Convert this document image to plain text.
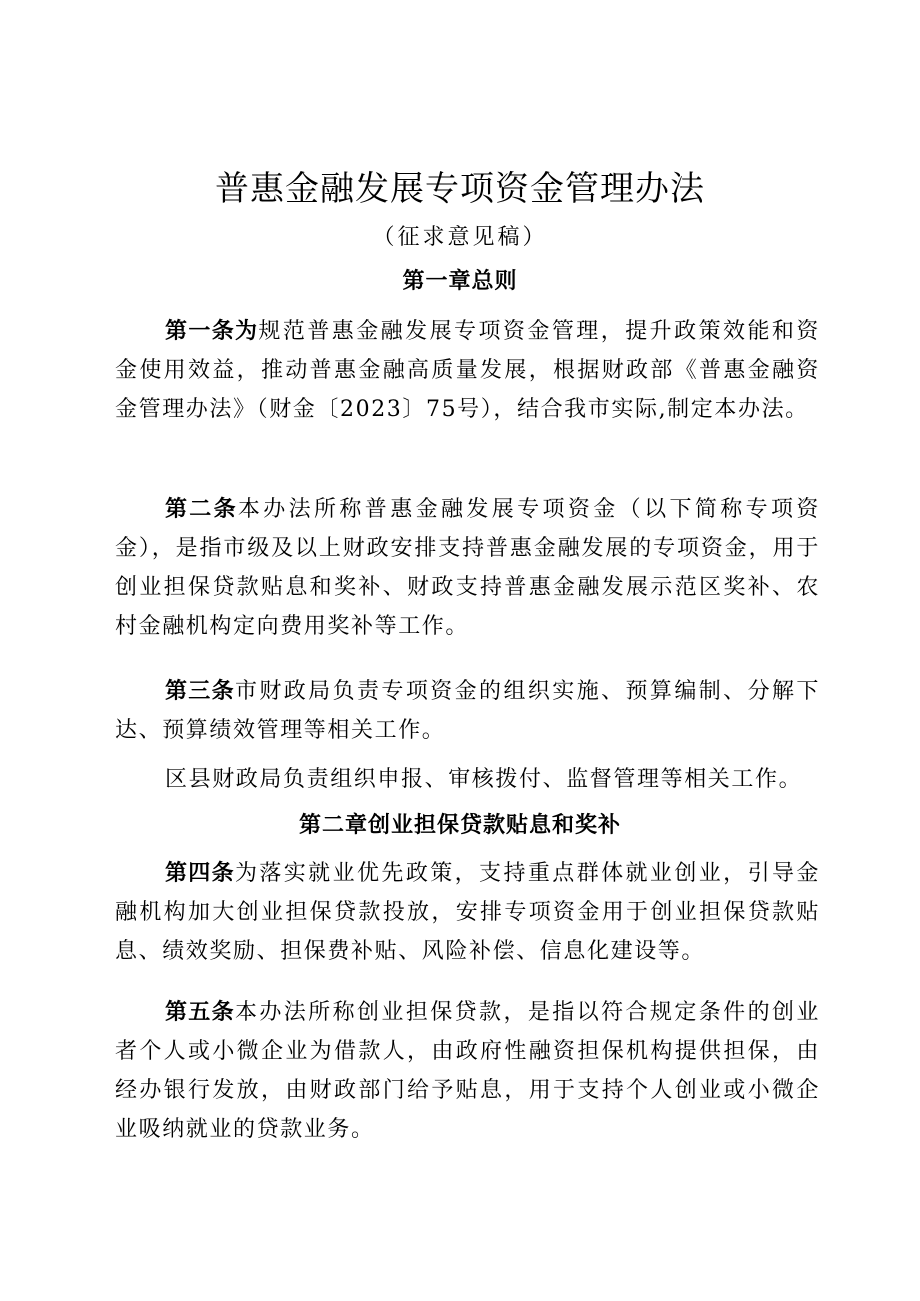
普惠金融发展专项资金管理办法
（征求意见稿）
第一章总则

第一条为规范普惠金融发展专项资金管理，提升政策效能和资金使用效益，推动普惠金融高质量发展，根据财政部《普惠金融资金管理办法》（财金〔2023〕75号），结合我市实际,制定本办法。

第二条本办法所称普惠金融发展专项资金（以下简称专项资金），是指市级及以上财政安排支持普惠金融发展的专项资金，用于创业担保贷款贴息和奖补、财政支持普惠金融发展示范区奖补、农村金融机构定向费用奖补等工作。

第三条市财政局负责专项资金的组织实施、预算编制、分解下达、预算绩效管理等相关工作。

区县财政局负责组织申报、审核拨付、监督管理等相关工作。

第二章创业担保贷款贴息和奖补

第四条为落实就业优先政策，支持重点群体就业创业，引导金融机构加大创业担保贷款投放，安排专项资金用于创业担保贷款贴息、绩效奖励、担保费补贴、风险补偿、信息化建设等。

第五条本办法所称创业担保贷款，是指以符合规定条件的创业者个人或小微企业为借款人，由政府性融资担保机构提供担保，由经办银行发放，由财政部门给予贴息，用于支持个人创业或小微企业吸纳就业的贷款业务。
